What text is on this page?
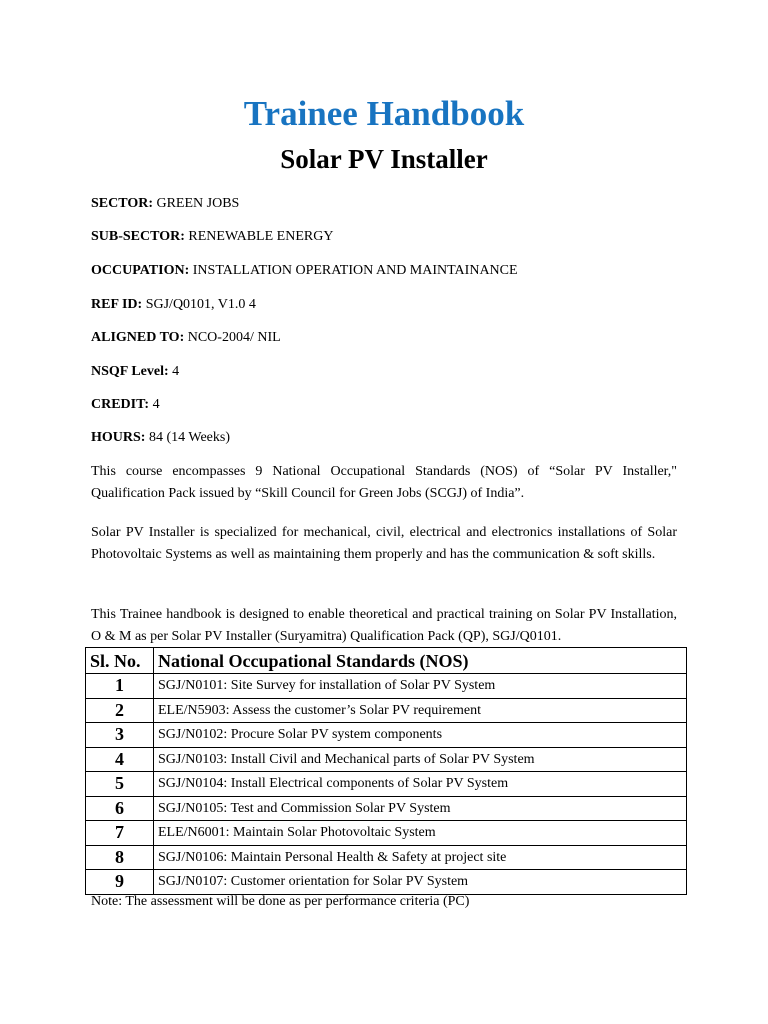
Trainee Handbook
Solar PV Installer
SECTOR: GREEN JOBS
SUB-SECTOR: RENEWABLE ENERGY
OCCUPATION: INSTALLATION OPERATION AND MAINTAINANCE
REF ID: SGJ/Q0101, V1.0 4
ALIGNED TO: NCO-2004/ NIL
NSQF Level: 4
CREDIT: 4
HOURS: 84 (14 Weeks)
This course encompasses 9 National Occupational Standards (NOS) of “Solar PV Installer,"
Qualification Pack issued by “Skill Council for Green Jobs (SCGJ) of India”.
Solar PV Installer is specialized for mechanical, civil, electrical and electronics installations of Solar Photovoltaic Systems as well as maintaining them properly and has the communication & soft skills.
This Trainee handbook is designed to enable theoretical and practical training on Solar PV Installation, O & M as per Solar PV Installer (Suryamitra) Qualification Pack (QP), SGJ/Q0101.
Sl. No.	National Occupational Standards (NOS)
1	SGJ/N0101: Site Survey for installation of Solar PV System
2	ELE/N5903: Assess the customer’s Solar PV requirement
3	SGJ/N0102: Procure Solar PV system components
4	SGJ/N0103: Install Civil and Mechanical parts of Solar PV System
5	SGJ/N0104: Install Electrical components of Solar PV System
6	SGJ/N0105: Test and Commission Solar PV System
7	ELE/N6001: Maintain Solar Photovoltaic System
8	SGJ/N0106: Maintain Personal Health & Safety at project site
9	SGJ/N0107: Customer orientation for Solar PV System
Note: The assessment will be done as per performance criteria (PC)
